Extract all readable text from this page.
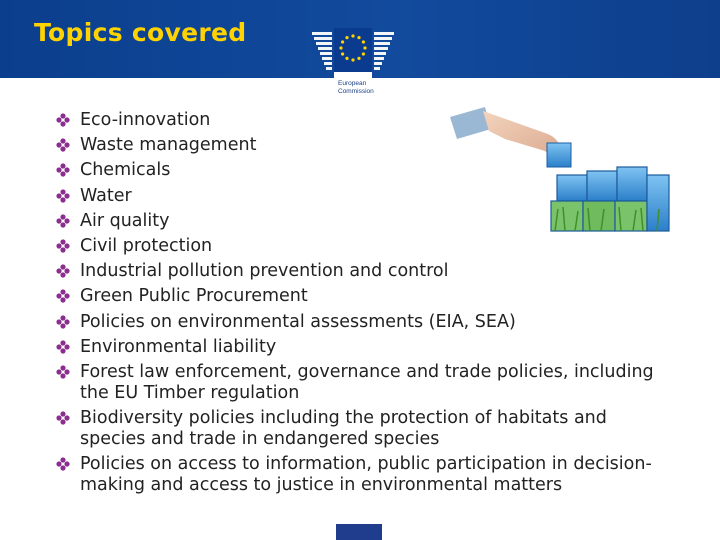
Topics covered
European
Commission
Eco-innovation
Waste management
Chemicals
Water
Air quality
Civil protection
Industrial pollution prevention and control
Green Public Procurement
Policies on environmental assessments (EIA, SEA)
Environmental liability
Forest law enforcement, governance and trade policies, including the EU Timber regulation
Biodiversity policies including the protection of habitats and species and trade in endangered species
Policies on access to information, public participation in decision-making and access to justice in environmental matters
